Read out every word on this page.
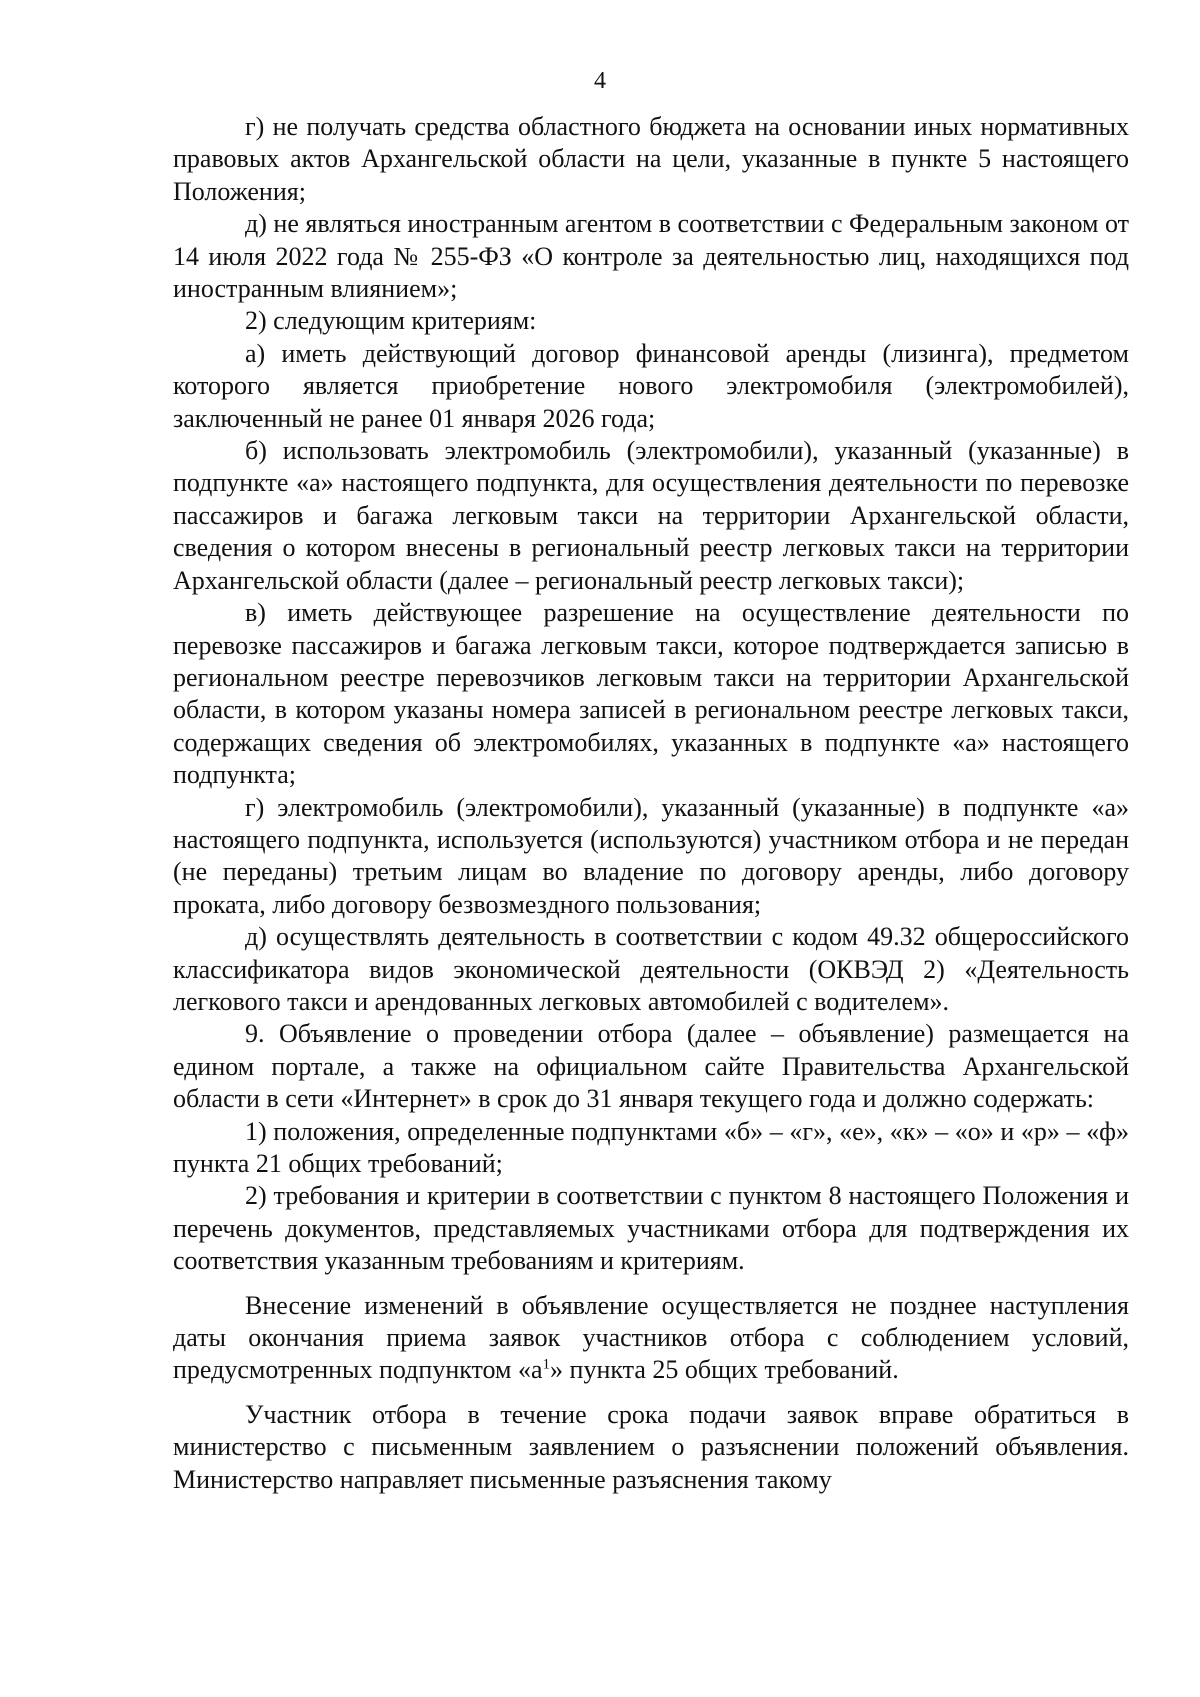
4

г) не получать средства областного бюджета на основании иных нормативных правовых актов Архангельской области на цели, указанные в пункте 5 настоящего Положения;

д) не являться иностранным агентом в соответствии с Федеральным законом от 14 июля 2022 года № 255-ФЗ «О контроле за деятельностью лиц, находящихся под иностранным влиянием»;

2) следующим критериям:

а) иметь действующий договор финансовой аренды (лизинга), предметом которого является приобретение нового электромобиля (электромобилей), заключенный не ранее 01 января 2026 года;

б) использовать электромобиль (электромобили), указанный (указанные) в подпункте «а» настоящего подпункта, для осуществления деятельности по перевозке пассажиров и багажа легковым такси на территории Архангельской области, сведения о котором внесены в региональный реестр легковых такси на территории Архангельской области (далее – региональный реестр легковых такси);

в) иметь действующее разрешение на осуществление деятельности по перевозке пассажиров и багажа легковым такси, которое подтверждается записью в региональном реестре перевозчиков легковым такси на территории Архангельской области, в котором указаны номера записей в региональном реестре легковых такси, содержащих сведения об электромобилях, указанных в подпункте «а» настоящего подпункта;

г) электромобиль (электромобили), указанный (указанные) в подпункте «а» настоящего подпункта, используется (используются) участником отбора и не передан (не переданы) третьим лицам во владение по договору аренды, либо договору проката, либо договору безвозмездного пользования;

д) осуществлять деятельность в соответствии с кодом 49.32 общероссийского классификатора видов экономической деятельности (ОКВЭД 2) «Деятельность легкового такси и арендованных легковых автомобилей с водителем».

9. Объявление о проведении отбора (далее – объявление) размещается на едином портале, а также на официальном сайте Правительства Архангельской области в сети «Интернет» в срок до 31 января текущего года и должно содержать:

1) положения, определенные подпунктами «б» – «г», «е», «к» – «о» и «р» – «ф» пункта 21 общих требований;

2) требования и критерии в соответствии с пунктом 8 настоящего Положения и перечень документов, представляемых участниками отбора для подтверждения их соответствия указанным требованиям и критериям.

Внесение изменений в объявление осуществляется не позднее наступления даты окончания приема заявок участников отбора с соблюдением условий, предусмотренных подпунктом «$а^1$» пункта 25 общих требований.

Участник отбора в течение срока подачи заявок вправе обратиться в министерство с письменным заявлением о разъяснении положений объявления. Министерство направляет письменные разъяснения такому
